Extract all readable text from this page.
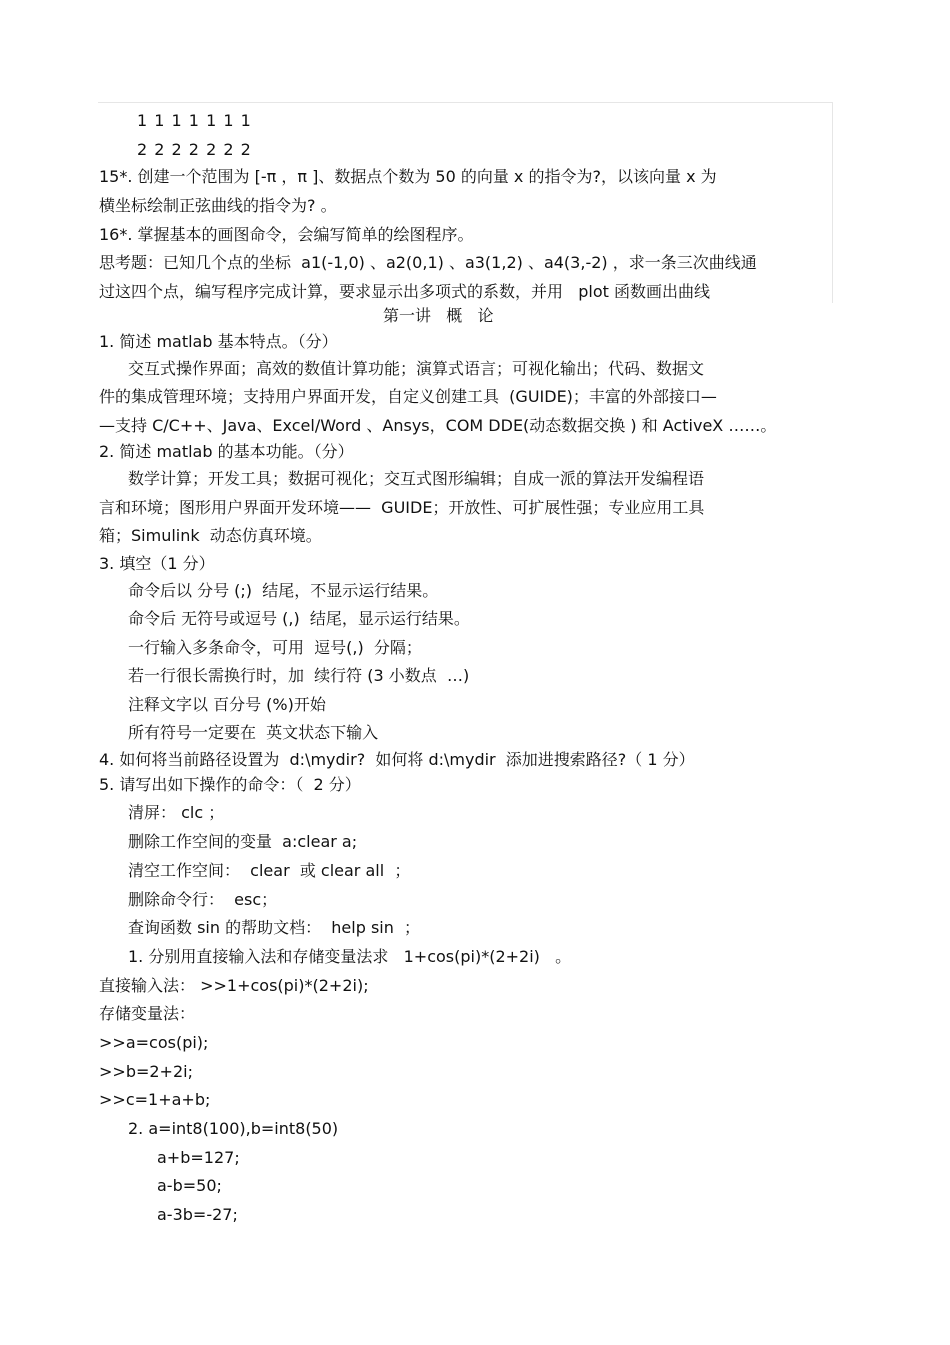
1 1 1 1 1 1 1
2 2 2 2 2 2 2
15*. 创建一个范围为 [-π ，π ]、数据点个数为 50 的向量 x 的指令为?，以该向量 x 为
横坐标绘制正弦曲线的指令为? 。
16*. 掌握基本的画图命令，会编写简单的绘图程序。
思考题：已知几个点的坐标  a1(-1,0) 、a2(0,1) 、a3(1,2) 、a4(3,-2) ，求一条三次曲线通
过这四个点，编写程序完成计算，要求显示出多项式的系数，并用   plot 函数画出曲线
第一讲   概   论
1. 简述 matlab 基本特点。（分）
交互式操作界面；高效的数值计算功能；演算式语言；可视化输出；代码、数据文
件的集成管理环境；支持用户界面开发，自定义创建工具  (GUIDE)；丰富的外部接口—
—支持 C/C++、Java、Excel/Word 、Ansys，COM DDE(动态数据交换 ) 和 ActiveX ……。
2. 简述 matlab 的基本功能。（分）
数学计算；开发工具；数据可视化；交互式图形编辑；自成一派的算法开发编程语
言和环境；图形用户界面开发环境——  GUIDE；开放性、可扩展性强；专业应用工具
箱；Simulink  动态仿真环境。
3. 填空（1 分）
命令后以 分号 (;)  结尾，不显示运行结果。
命令后 无符号或逗号 (,)  结尾，显示运行结果。
一行输入多条命令，可用  逗号(,)  分隔；
若一行很长需换行时，加  续行符 (3 小数点  …)
注释文字以 百分号 (%)开始
所有符号一定要在  英文状态下输入
4. 如何将当前路径设置为  d:\mydir?  如何将 d:\mydir  添加进搜索路径?（ 1 分）
5. 请写出如下操作的命令：（  2 分）
清屏： clc ；
删除工作空间的变量  a:clear a;
清空工作空间：  clear  或 clear all  ；
删除命令行：  esc；
查询函数 sin 的帮助文档：  help sin  ；
1. 分别用直接输入法和存储变量法求   1+cos(pi)*(2+2i)   。
直接输入法： >>1+cos(pi)*(2+2i);
存储变量法：
>>a=cos(pi);
>>b=2+2i;
>>c=1+a+b;
2. a=int8(100),b=int8(50)
a+b=127;
a-b=50;
a-3b=-27;
